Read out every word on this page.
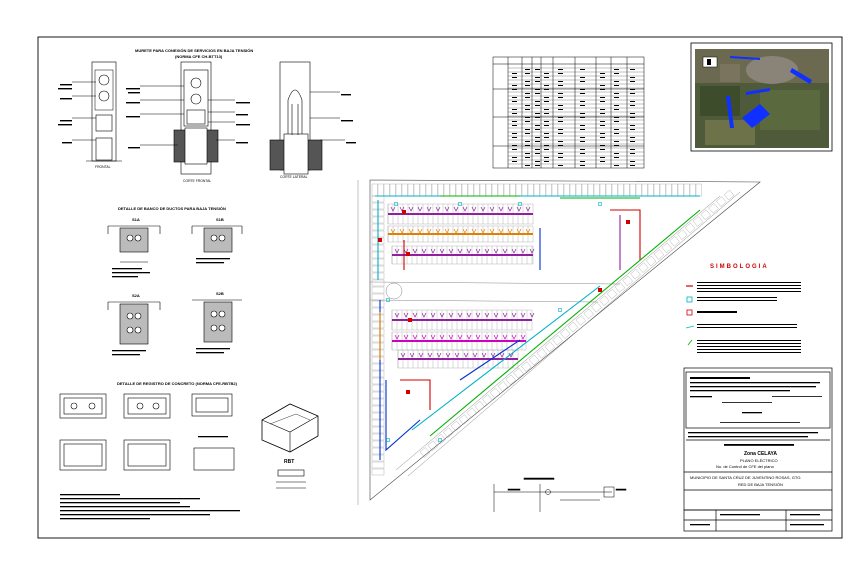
MURETE PARA CONEXIÓN DE SERVICIOS EN BAJA TENSIÓN
(NORMA CFE CH-BTT13)
FRONTAL
CORTE FRONTAL
CORTE LATERAL
DETALLE DE BANCO DE DUCTOS PARA BAJA TENSIÓN
S1A	S1B
S2A	S2B
DETALLE DE REGISTRO DE CONCRETO (NORMA CFE-RBTB2)
RBT
SIMBOLOGIA
Zona CELAYA
PLANO ELÉCTRICO
No. de Control de CFE del plano
MUNICIPIO DE SANTA CRUZ DE JUVENTINO ROSAS, GTO.
RED DE BAJA TENSIÓN
